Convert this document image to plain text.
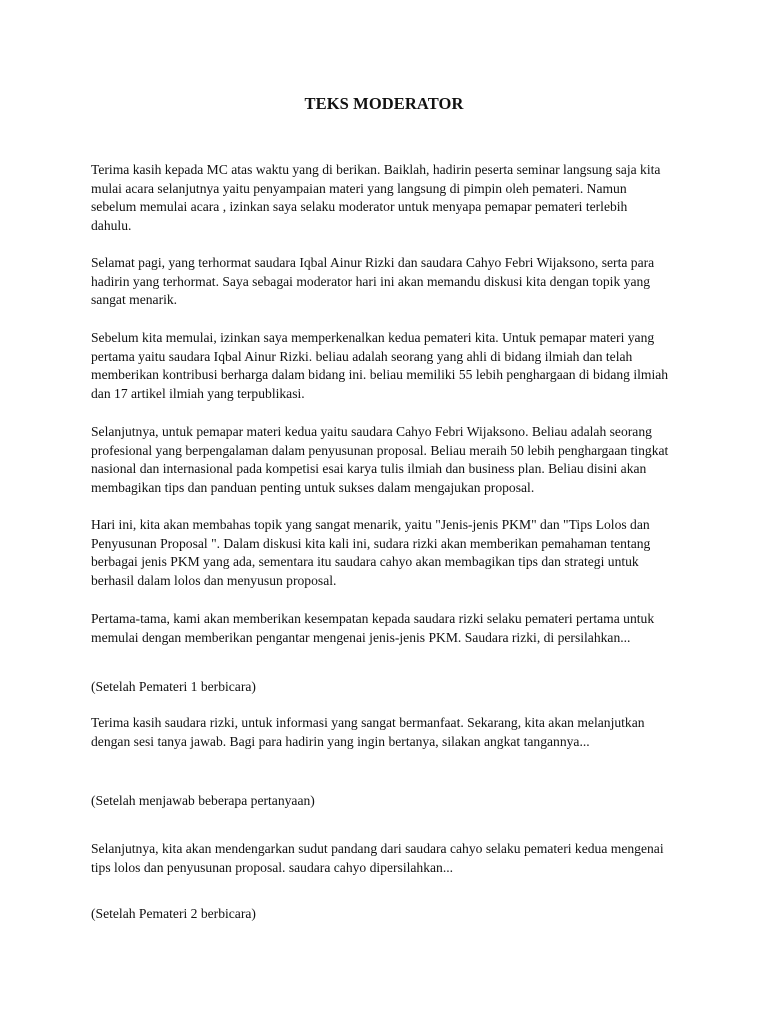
TEKS MODERATOR
Terima kasih kepada MC atas waktu yang di berikan. Baiklah, hadirin peserta seminar langsung saja kita
mulai acara selanjutnya yaitu penyampaian materi yang langsung di pimpin oleh pemateri. Namun
sebelum memulai acara , izinkan saya selaku moderator untuk menyapa pemapar pemateri terlebih
dahulu.
Selamat pagi, yang terhormat saudara Iqbal Ainur Rizki dan saudara Cahyo Febri Wijaksono, serta para
hadirin yang terhormat. Saya sebagai moderator hari ini akan memandu diskusi kita dengan topik yang
sangat menarik.
Sebelum kita memulai, izinkan saya memperkenalkan kedua pemateri kita. Untuk pemapar materi yang
pertama yaitu saudara Iqbal Ainur Rizki. beliau adalah seorang yang ahli di bidang ilmiah dan telah
memberikan kontribusi berharga dalam bidang ini. beliau memiliki 55 lebih penghargaan di bidang ilmiah
dan 17 artikel ilmiah yang terpublikasi.
Selanjutnya, untuk pemapar materi kedua yaitu saudara Cahyo Febri Wijaksono. Beliau adalah seorang
profesional yang berpengalaman dalam penyusunan proposal. Beliau meraih 50 lebih penghargaan tingkat
nasional dan internasional pada kompetisi esai karya tulis ilmiah dan business plan. Beliau disini akan
membagikan tips dan panduan penting untuk sukses dalam mengajukan proposal.
Hari ini, kita akan membahas topik yang sangat menarik, yaitu "Jenis-jenis PKM" dan "Tips Lolos dan
Penyusunan Proposal ". Dalam diskusi kita kali ini, sudara rizki akan memberikan pemahaman tentang
berbagai jenis PKM yang ada, sementara itu saudara cahyo akan membagikan tips dan strategi untuk
berhasil dalam lolos dan menyusun proposal.
Pertama-tama, kami akan memberikan kesempatan kepada saudara rizki selaku pemateri pertama untuk
memulai dengan memberikan pengantar mengenai jenis-jenis PKM. Saudara rizki, di persilahkan...
(Setelah Pemateri 1 berbicara)
Terima kasih saudara rizki, untuk informasi yang sangat bermanfaat. Sekarang, kita akan melanjutkan
dengan sesi tanya jawab. Bagi para hadirin yang ingin bertanya, silakan angkat tangannya...
(Setelah menjawab beberapa pertanyaan)
Selanjutnya, kita akan mendengarkan sudut pandang dari saudara cahyo selaku pemateri kedua mengenai
tips lolos dan penyusunan proposal. saudara cahyo dipersilahkan...
(Setelah Pemateri 2 berbicara)
